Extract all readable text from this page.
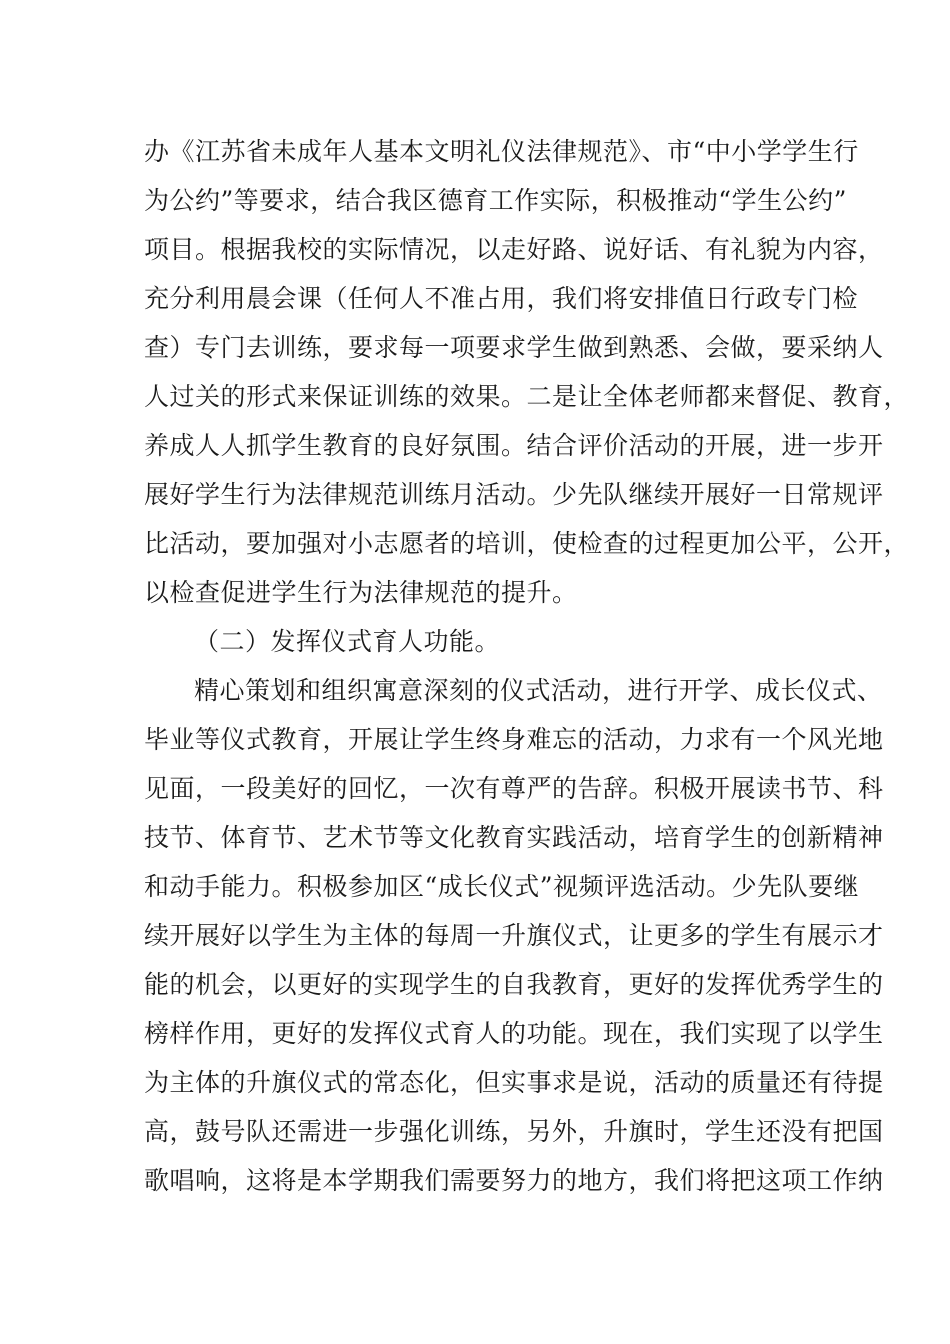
办《江苏省未成年人基本文明礼仪法律规范》、市“中小学学生行
为公约”等要求，结合我区德育工作实际，积极推动“学生公约”
项目。根据我校的实际情况，以走好路、说好话、有礼貌为内容，
充分利用晨会课（任何人不准占用，我们将安排值日行政专门检
查）专门去训练，要求每一项要求学生做到熟悉、会做，要采纳人
人过关的形式来保证训练的效果。二是让全体老师都来督促、教育，
养成人人抓学生教育的良好氛围。结合评价活动的开展，进一步开
展好学生行为法律规范训练月活动。少先队继续开展好一日常规评
比活动，要加强对小志愿者的培训，使检查的过程更加公平，公开，
以检查促进学生行为法律规范的提升。
（二）发挥仪式育人功能。
精心策划和组织寓意深刻的仪式活动，进行开学、成长仪式、
毕业等仪式教育，开展让学生终身难忘的活动，力求有一个风光地
见面，一段美好的回忆，一次有尊严的告辞。积极开展读书节、科
技节、体育节、艺术节等文化教育实践活动，培育学生的创新精神
和动手能力。积极参加区“成长仪式”视频评选活动。少先队要继
续开展好以学生为主体的每周一升旗仪式，让更多的学生有展示才
能的机会，以更好的实现学生的自我教育，更好的发挥优秀学生的
榜样作用，更好的发挥仪式育人的功能。现在，我们实现了以学生
为主体的升旗仪式的常态化，但实事求是说，活动的质量还有待提
高，鼓号队还需进一步强化训练，另外，升旗时，学生还没有把国
歌唱响，这将是本学期我们需要努力的地方，我们将把这项工作纳
